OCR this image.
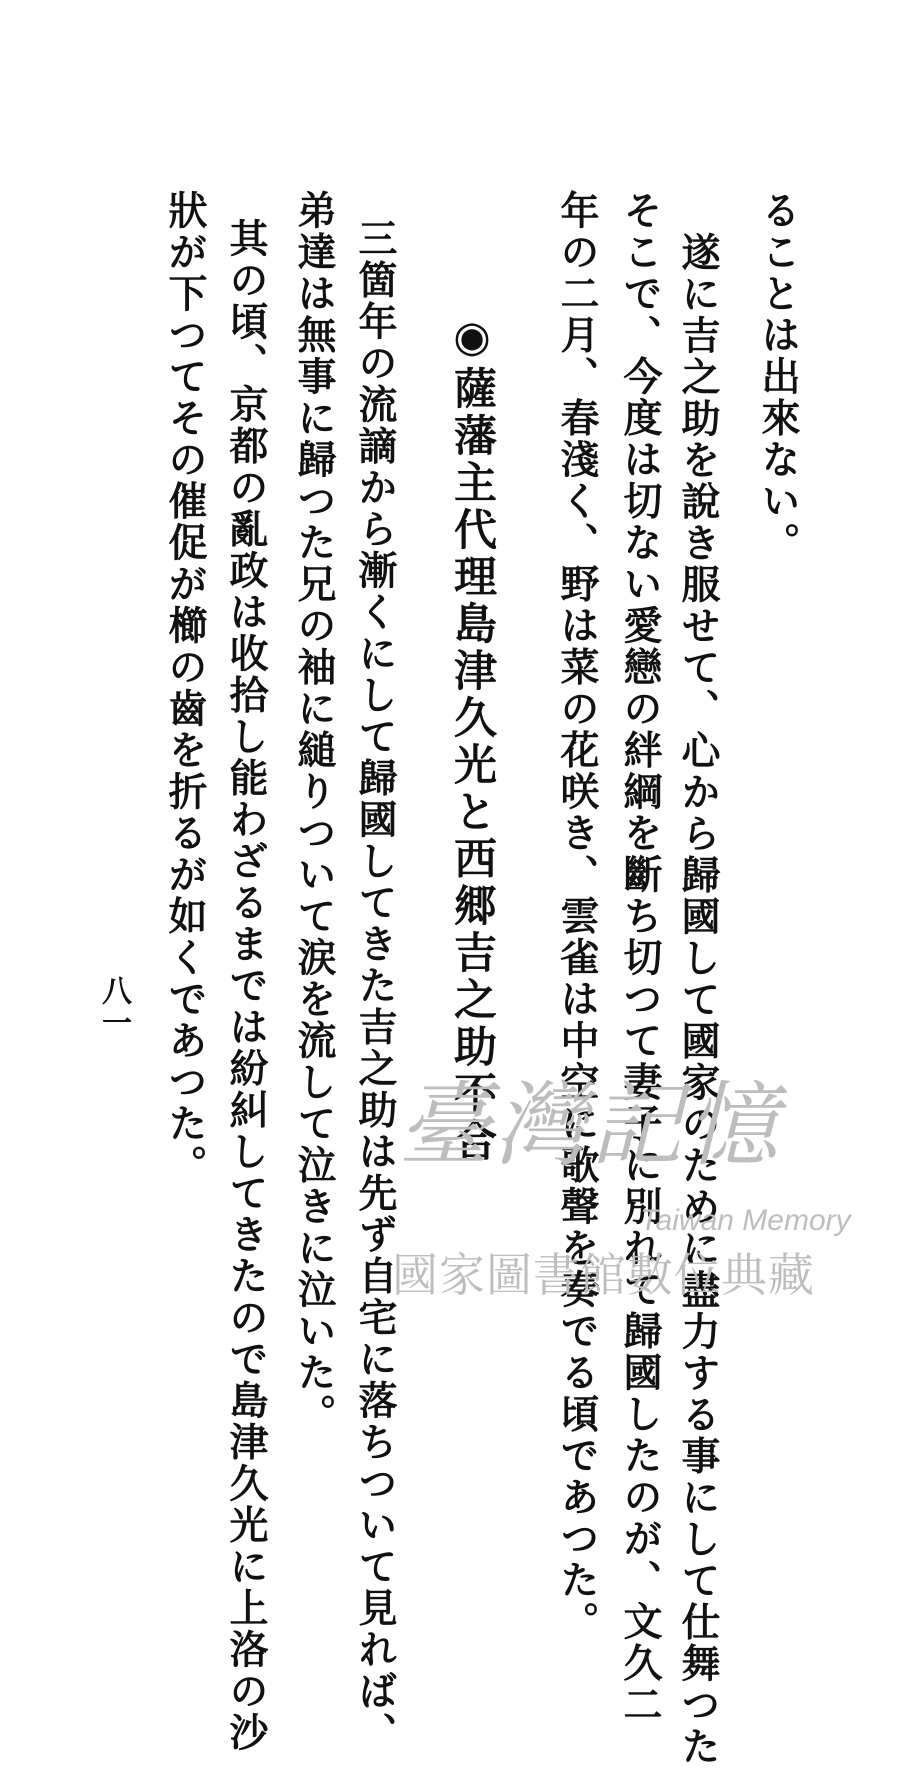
ることは出來ない。
遂に吉之助を說き服せて、心から歸國して國家のために盡力する事にして仕舞つた
そこで、今度は切ない愛戀の絆綱を斷ち切つて妻子に別れて歸國したのが、文久二
年の二月、春淺く、野は菜の花咲き、雲雀は中空に歌聲を奏でる頃であつた。
◉薩藩主代理島津久光と西郷吉之助不合
三箇年の流謫から漸くにして歸國してきた吉之助は先ず自宅に落ちついて見れば、
弟達は無事に歸つた兄の袖に縋りついて涙を流して泣きに泣いた。
其の頃、京都の亂政は收拾し能わざるまでは紛糾してきたので島津久光に上洛の沙
狀が下つてその催促が櫛の齒を折るが如くであつた。
八一
臺灣記憶
Taiwan Memory
國家圖書館數位典藏
